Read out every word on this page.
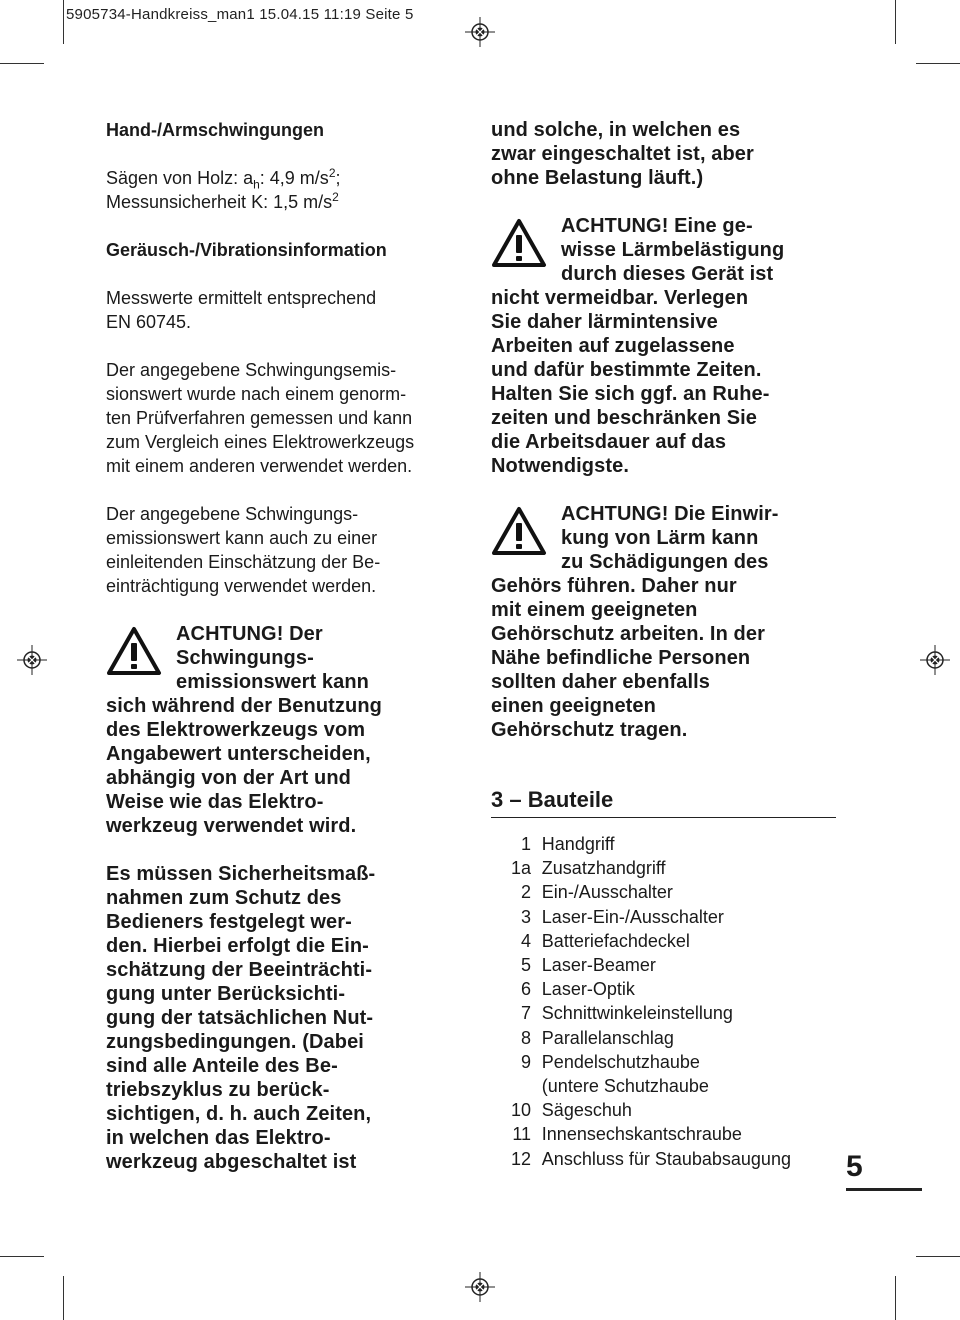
5905734-Handkreiss_man1 15.04.15 11:19 Seite 5

Hand-/Armschwingungen

Sägen von Holz: $a_h$: 4,9 $m/s^2$;

Messunsicherheit K: 1,5 $m/s^2$

Geräusch-/Vibrationsinformation

Messwerte ermittelt entsprechend

EN 60745.

Der angegebene Schwingungsemis-

sionswert wurde nach einem genorm-

ten Prüfverfahren gemessen und kann

zum Vergleich eines Elektrowerkzeugs

mit einem anderen verwendet werden.

Der angegebene Schwingungs-

emissionswert kann auch zu einer

einleitenden Einschätzung der Be-

einträchtigung verwendet werden.

ACHTUNG! Der
Schwingungs-
emissionswert kann

sich während der Benutzung

des Elektrowerkzeugs vom

Angabewert unterscheiden,

abhängig von der Art und

Weise wie das Elektro-

werkzeug verwendet wird.

Es müssen Sicherheitsmaß-

nahmen zum Schutz des

Bedieners festgelegt wer-

den. Hierbei erfolgt die Ein-

schätzung der Beeinträchti-

gung unter Berücksichti-

gung der tatsächlichen Nut-

zungsbedingungen. (Dabei

sind alle Anteile des Be-

triebszyklus zu berück-

sichtigen, d. h. auch Zeiten,

in welchen das Elektro-

werkzeug abgeschaltet ist

und solche, in welchen es

zwar eingeschaltet ist, aber

ohne Belastung läuft.)

ACHTUNG! Eine ge-
wisse Lärmbelästigung
durch dieses Gerät ist

nicht vermeidbar. Verlegen

Sie daher lärmintensive

Arbeiten auf zugelassene

und dafür bestimmte Zeiten.

Halten Sie sich ggf. an Ruhe-

zeiten und beschränken Sie

die Arbeitsdauer auf das

Notwendigste.

ACHTUNG! Die Einwir-
kung von Lärm kann
zu Schädigungen des

Gehörs führen. Daher nur

mit einem geeigneten

Gehörschutz arbeiten. In der

Nähe befindliche Personen

sollten daher ebenfalls

einen geeigneten

Gehörschutz tragen.

3 – Bauteile

1 Handgriff
1a Zusatzhandgriff
2 Ein-/Ausschalter
3 Laser-Ein-/Ausschalter
4 Batteriefachdeckel
5 Laser-Beamer
6 Laser-Optik
7 Schnittwinkeleinstellung
8 Parallelanschlag
9 Pendelschutzhaube
(untere Schutzhaube
10 Sägeschuh
11 Innensechskantschraube
12 Anschluss für Staubabsaugung 5
